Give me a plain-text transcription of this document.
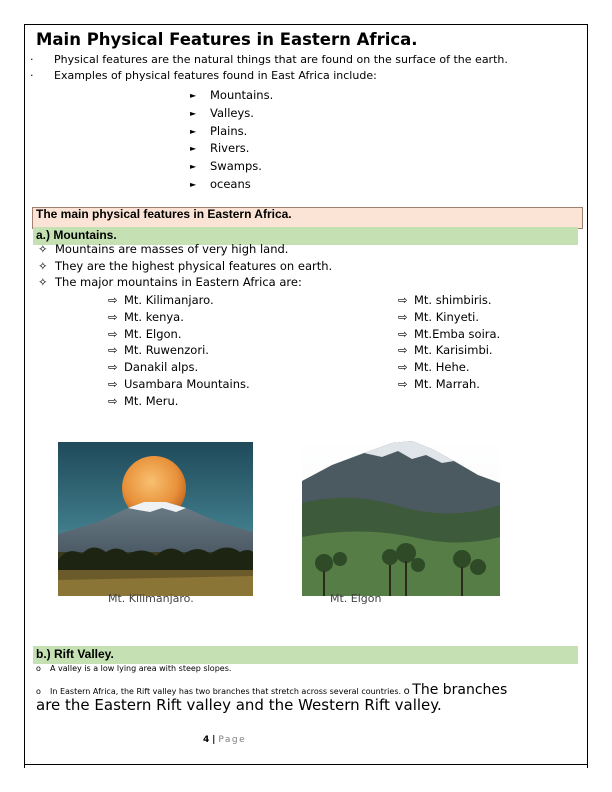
Main Physical Features in Eastern Africa.
· Physical features are the natural things that are found on the surface of the earth.
· Examples of physical features found in East Africa include:
► Mountains.
► Valleys.
► Plains.
► Rivers.
► Swamps.
► oceans
The main physical features in Eastern Africa.
a.) Mountains.
✧ Mountains are masses of very high land.
✧ They are the highest physical features on earth.
✧ The major mountains in Eastern Africa are:
⇨ Mt. Kilimanjaro.
⇨ Mt. kenya.
⇨ Mt. Elgon.
⇨ Mt. Ruwenzori.
⇨ Danakil alps.
⇨ Usambara Mountains.
⇨ Mt. Meru.
⇨ Mt. shimbiris.
⇨ Mt. Kinyeti.
⇨ Mt.Emba soira.
⇨ Mt. Karisimbi.
⇨ Mt. Hehe.
⇨ Mt. Marrah.
Mt. Kilimanjaro.	Mt. Elgon
b.) Rift Valley.
o A valley is a low lying area with steep slopes.
o In Eastern Africa, the Rift valley has two branches that stretch across several countries. o The branches
are the Eastern Rift valley and the Western Rift valley.
4 | Page
